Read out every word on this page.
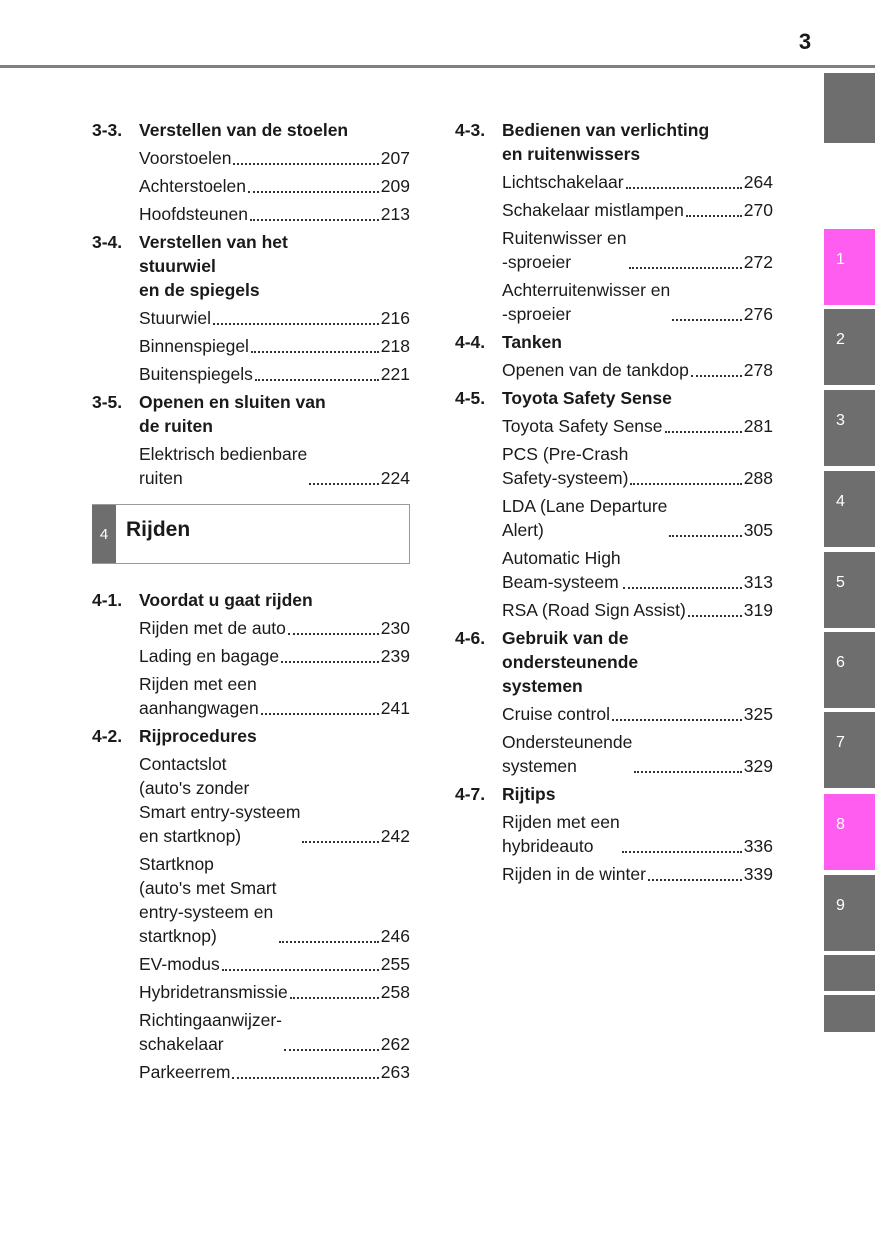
3
3-3. Verstellen van de stoelen
Voorstoelen	207
Achterstoelen	209
Hoofdsteunen	213
3-4. Verstellen van het
stuurwiel
en de spiegels
Stuurwiel	216
Binnenspiegel	218
Buitenspiegels	221
3-5. Openen en sluiten van
de ruiten
Elektrisch bedienbare
ruiten	224
4 Rijden
4-1. Voordat u gaat rijden
Rijden met de auto	230
Lading en bagage	239
Rijden met een
aanhangwagen	241
4-2. Rijprocedures
Contactslot
(auto's zonder
Smart entry-systeem
en startknop)	242
Startknop
(auto's met Smart
entry-systeem en
startknop)	246
EV-modus	255
Hybridetransmissie	258
Richtingaanwijzer-
schakelaar	262
Parkeerrem	263
4-3. Bedienen van verlichting
en ruitenwissers
Lichtschakelaar	264
Schakelaar mistlampen	270
Ruitenwisser en
-sproeier	272
Achterruitenwisser en
-sproeier	276
4-4. Tanken
Openen van de tankdop	278
4-5. Toyota Safety Sense
Toyota Safety Sense	281
PCS (Pre-Crash
Safety-systeem)	288
LDA (Lane Departure
Alert)	305
Automatic High
Beam-systeem	313
RSA (Road Sign Assist)	319
4-6. Gebruik van de
ondersteunende
systemen
Cruise control	325
Ondersteunende
systemen	329
4-7. Rijtips
Rijden met een
hybrideauto	336
Rijden in de winter	339
1
2
3
4
5
6
7
8
9
